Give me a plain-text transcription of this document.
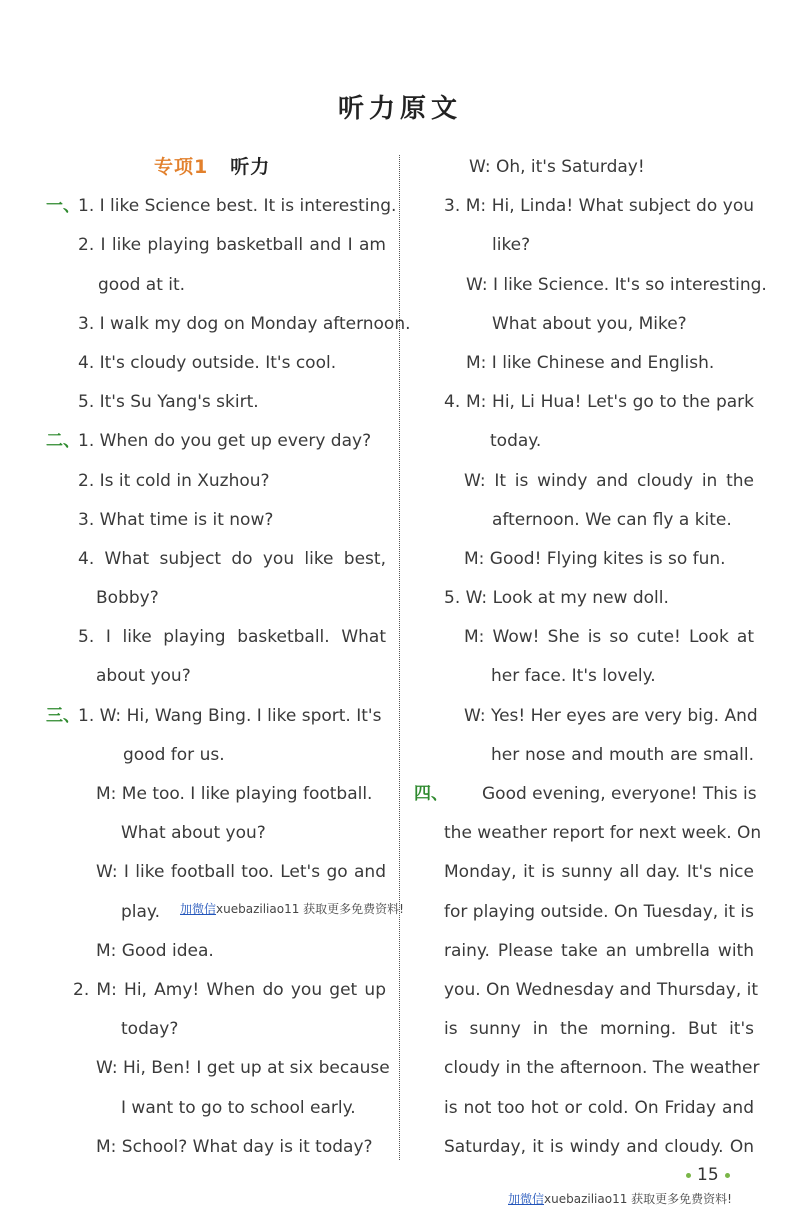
听力原文
专项1 听力
一、
1. I like Science best. It is interesting.
2. I like playing basketball and I am
good at it.
3. I walk my dog on Monday afternoon.
4. It's cloudy outside. It's cool.
5. It's Su Yang's skirt.
二、
1. When do you get up every day?
2. Is it cold in Xuzhou?
3. What time is it now?
4. What subject do you like best,
Bobby?
5. I like playing basketball. What
about you?
三、
1. W: Hi, Wang Bing. I like sport. It's
good for us.
M: Me too. I like playing football.
What about you?
W: I like football too. Let's go and
play.
M: Good idea.
2. M: Hi, Amy! When do you get up
today?
W: Hi, Ben! I get up at six because
I want to go to school early.
M: School? What day is it today?
W: Oh, it's Saturday!
3. M: Hi, Linda! What subject do you
like?
W: I like Science. It's so interesting.
What about you, Mike?
M: I like Chinese and English.
4. M: Hi, Li Hua! Let's go to the park
today.
W: It is windy and cloudy in the
afternoon. We can fly a kite.
M: Good! Flying kites is so fun.
5. W: Look at my new doll.
M: Wow! She is so cute! Look at
her face. It's lovely.
W: Yes! Her eyes are very big. And
her nose and mouth are small.
四、 Good evening, everyone! This is
the weather report for next week. On
Monday, it is sunny all day. It's nice
for playing outside. On Tuesday, it is
rainy. Please take an umbrella with
you. On Wednesday and Thursday, it
is sunny in the morning. But it's
cloudy in the afternoon. The weather
is not too hot or cold. On Friday and
Saturday, it is windy and cloudy. On
加微信xuebaziliao11 获取更多免费资料!
加微信xuebaziliao11 获取更多免费资料!
15
